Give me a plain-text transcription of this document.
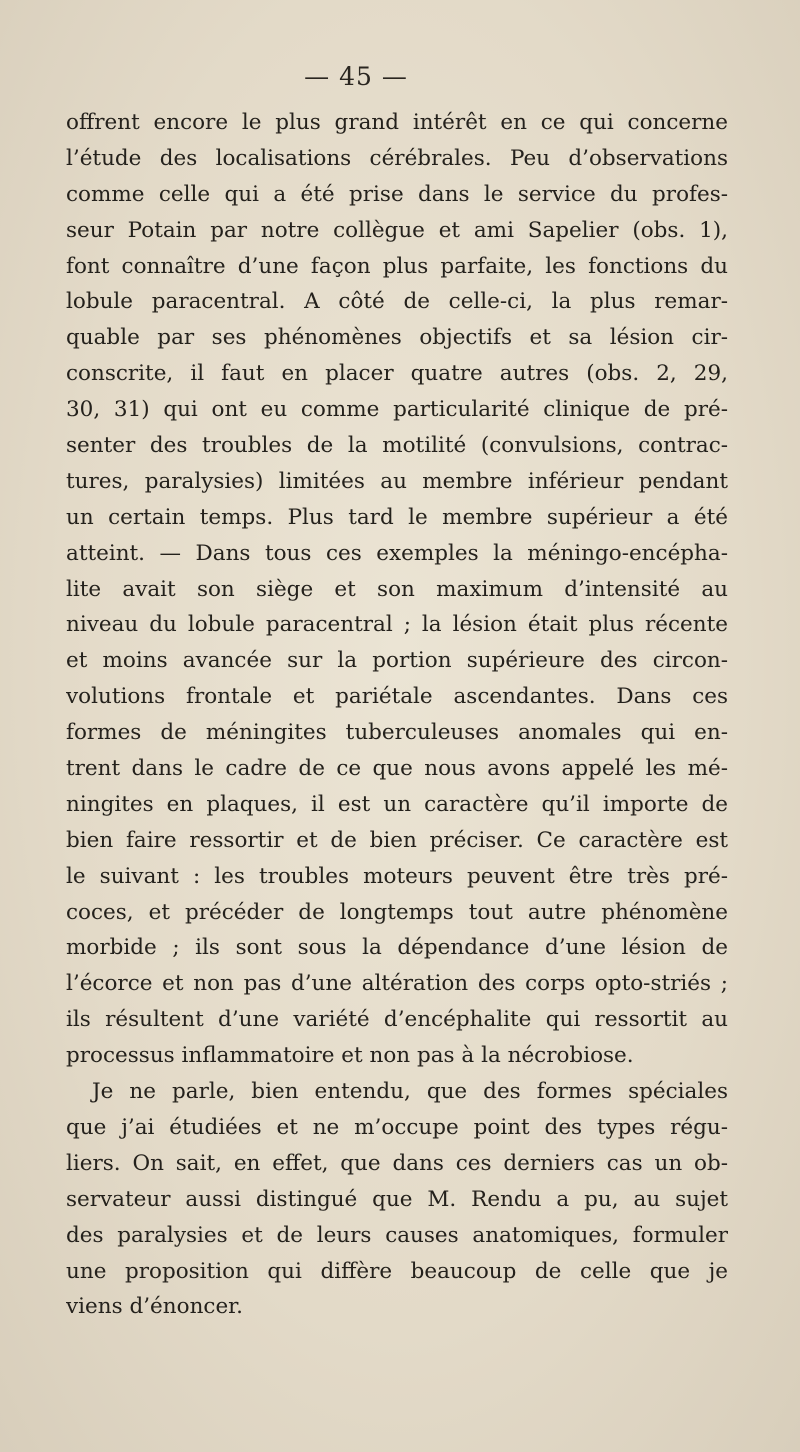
— 45 —
offrent encore le plus grand intérêt en ce qui concerne
l’étude des localisations cérébrales. Peu d’observations
comme celle qui a été prise dans le service du profes-
seur Potain par notre collègue et ami Sapelier (obs. 1),
font connaître d’une façon plus parfaite, les fonctions du
lobule paracentral. A côté de celle-ci, la plus remar-
quable par ses phénomènes objectifs et sa lésion cir-
conscrite, il faut en placer quatre autres (obs. 2, 29,
30, 31) qui ont eu comme particularité clinique de pré-
senter des troubles de la motilité (convulsions, contrac-
tures, paralysies) limitées au membre inférieur pendant
un certain temps. Plus tard le membre supérieur a été
atteint. — Dans tous ces exemples la méningo-encépha-
lite avait son siège et son maximum d’intensité au
niveau du lobule paracentral ; la lésion était plus récente
et moins avancée sur la portion supérieure des circon-
volutions frontale et pariétale ascendantes. Dans ces
formes de méningites tuberculeuses anomales qui en-
trent dans le cadre de ce que nous avons appelé les mé-
ningites en plaques, il est un caractère qu’il importe de
bien faire ressortir et de bien préciser. Ce caractère est
le suivant : les troubles moteurs peuvent être très pré-
coces, et précéder de longtemps tout autre phénomène
morbide ; ils sont sous la dépendance d’une lésion de
l’écorce et non pas d’une altération des corps opto-striés ;
ils résultent d’une variété d’encéphalite qui ressortit au
processus inflammatoire et non pas à la nécrobiose.
Je ne parle, bien entendu, que des formes spéciales
que j’ai étudiées et ne m’occupe point des types régu-
liers. On sait, en effet, que dans ces derniers cas un ob-
servateur aussi distingué que M. Rendu a pu, au sujet
des paralysies et de leurs causes anatomiques, formuler
une proposition qui diffère beaucoup de celle que je
viens d’énoncer.
